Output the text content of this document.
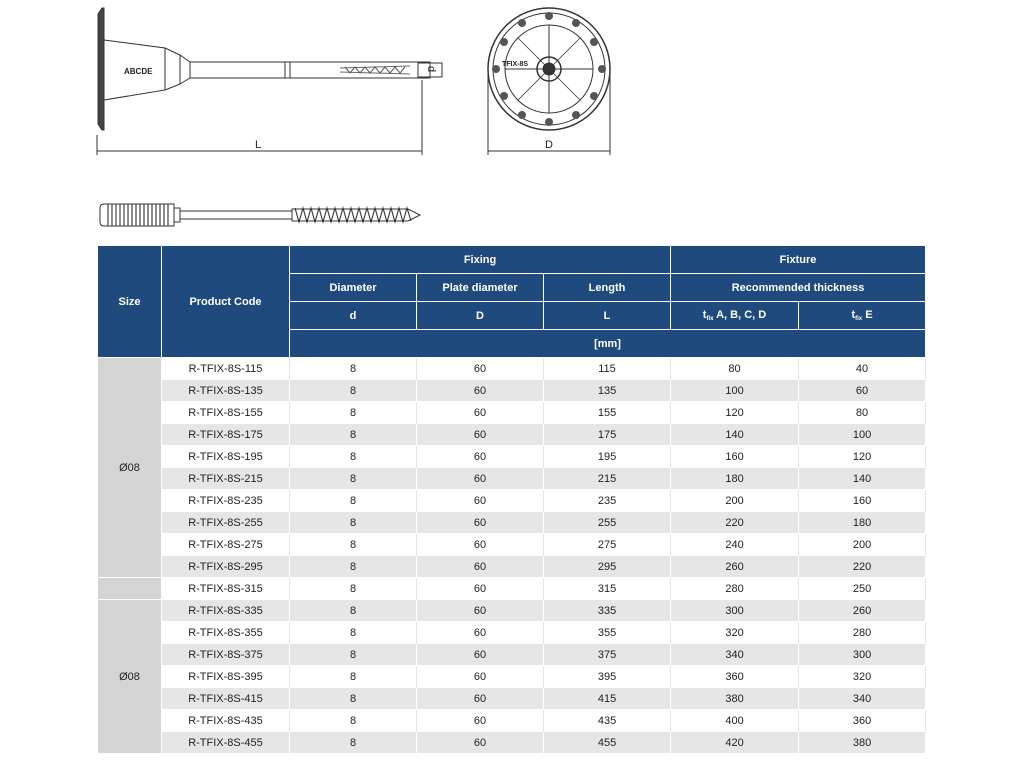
ABCDE
L
d
TFIX-8S
D
Size	Product Code	Fixing			Fixture	
		Diameter	Plate diameter	Length	Recommended thickness	
		d	D	L	$t_{fix}$ A, B, C, D	$t_{fix}$ E
		[mm]				
Ø08	R-TFIX-8S-115	8	60	115	80	40
	R-TFIX-8S-135	8	60	135	100	60
	R-TFIX-8S-155	8	60	155	120	80
	R-TFIX-8S-175	8	60	175	140	100
	R-TFIX-8S-195	8	60	195	160	120
	R-TFIX-8S-215	8	60	215	180	140
	R-TFIX-8S-235	8	60	235	200	160
	R-TFIX-8S-255	8	60	255	220	180
	R-TFIX-8S-275	8	60	275	240	200
	R-TFIX-8S-295	8	60	295	260	220
	R-TFIX-8S-315	8	60	315	280	250
Ø08	R-TFIX-8S-335	8	60	335	300	260
	R-TFIX-8S-355	8	60	355	320	280
	R-TFIX-8S-375	8	60	375	340	300
	R-TFIX-8S-395	8	60	395	360	320
	R-TFIX-8S-415	8	60	415	380	340
	R-TFIX-8S-435	8	60	435	400	360
	R-TFIX-8S-455	8	60	455	420	380
